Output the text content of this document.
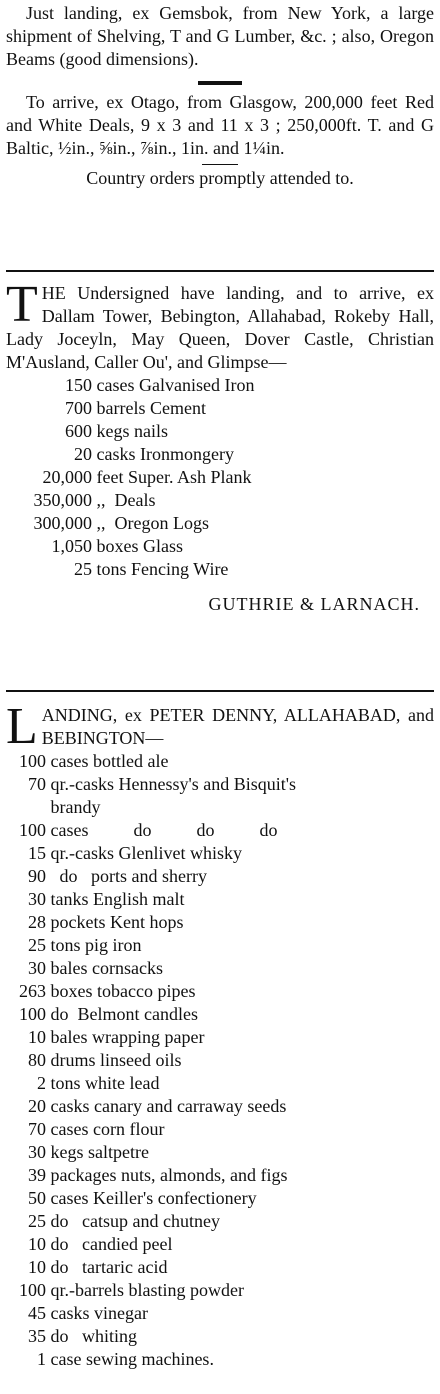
Just landing, ex Gemsbok, from New York, a large shipment of Shelving, T and G Lumber, &c. ; also, Oregon Beams (good dimensions).

To arrive, ex Otago, from Glasgow, 200,000 feet Red and White Deals, 9 x 3 and 11 x 3 ; 250,000ft. T. and G Baltic, ½in., ⅝in., ⅞in., 1in. and 1¼in.

Country orders promptly attended to.

THE Undersigned have landing, and to arrive, ex Dallam Tower, Bebington, Allahabad, Rokeby Hall, Lady Joceyln, May Queen, Dover Castle, Christian M'Ausland, Caller Ou', and Glimpse—

150 cases Galvanised Iron
700 barrels Cement
600 kegs nails
20 casks Ironmongery
20,000 feet Super. Ash Plank
350,000 ,,  Deals
300,000 ,,  Oregon Logs
1,050 boxes Glass
25 tons Fencing Wire

GUTHRIE & LARNACH.

LANDING, ex PETER DENNY, ALLAHABAD, and BEBINGTON—

100 cases bottled ale
70 qr.-casks Hennessy's and Bisquit's
brandy
100 cases          do          do          do
15 qr.-casks Glenlivet whisky
90   do   ports and sherry
30 tanks English malt
28 pockets Kent hops
25 tons pig iron
30 bales cornsacks
263 boxes tobacco pipes
100 do  Belmont candles
10 bales wrapping paper
80 drums linseed oils
2 tons white lead
20 casks canary and carraway seeds
70 cases corn flour
30 kegs saltpetre
39 packages nuts, almonds, and figs
50 cases Keiller's confectionery
25 do   catsup and chutney
10 do   candied peel
10 do   tartaric acid
100 qr.-barrels blasting powder
45 casks vinegar
35 do   whiting
1 case sewing machines.
